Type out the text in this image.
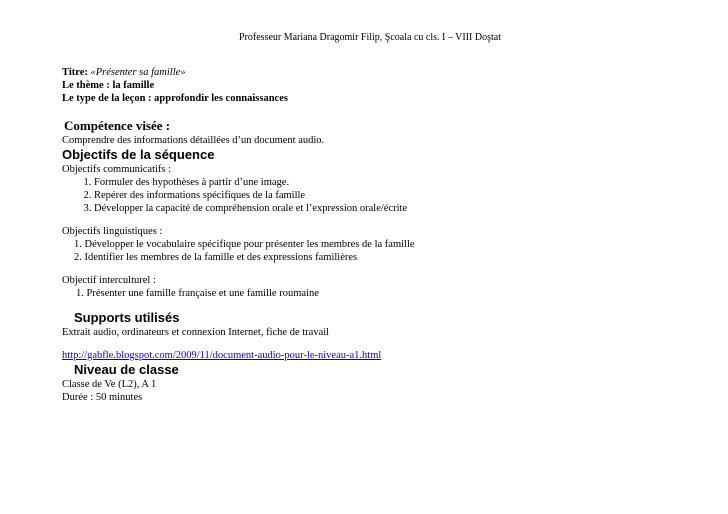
Professeur Mariana Dragomir Filip, Şcoala cu cls. I – VIII Doştat
Titre: «Présenter sa famille»
Le thème : la famille
Le type de la leçon : approfondir les connaissances
Compétence visée :
Comprendre des informations détaillées d’un document audio.
Objectifs de la séquence
Objectifs communicatifs :
1. Formuler des hypothèses à partir d’une image.
2. Repérer des informations spécifiques de la famille
3. Développer la capacité de compréhension orale et l’expression orale/écrite
Objectifs linguistiques :
1. Développer le vocabulaire spécifique pour présenter les membres de la famille
2. Identifier les membres de la famille et des expressions familières
Objectif interculturel :
1. Présenter une famille française et une famille roumaine
Supports utilisés
Extrait audio, ordinateurs et connexion Internet, fiche de travail
http://gabfle.blogspot.com/2009/11/document-audio-pour-le-niveau-a1.html
Niveau de classe
Classe de Ve (L2), A 1
Durée : 50 minutes
